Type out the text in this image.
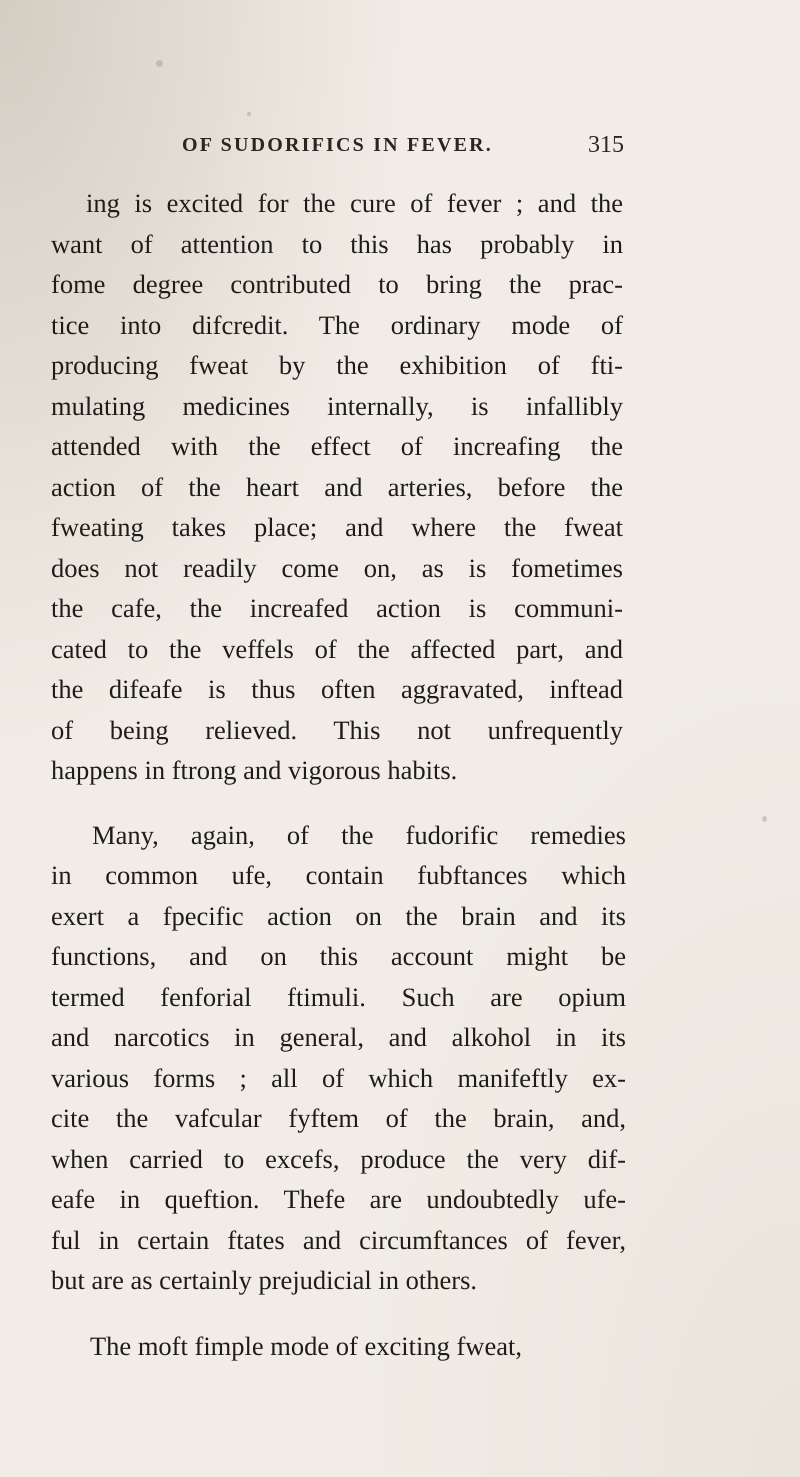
OF SUDORIFICS IN FEVER.	315
ing is excited for the cure of fever ; and the
want of attention to this has probably in
fome degree contributed to bring the prac-
tice into difcredit. The ordinary mode of
producing fweat by the exhibition of fti-
mulating medicines internally, is infallibly
attended with the effect of increafing the
action of the heart and arteries, before the
fweating takes place; and where the fweat
does not readily come on, as is fometimes
the cafe, the increafed action is communi-
cated to the veffels of the affected part, and
the difeafe is thus often aggravated, inftead
of being relieved. This not unfrequently
happens in ftrong and vigorous habits.
Many, again, of the fudorific remedies
in common ufe, contain fubftances which
exert a fpecific action on the brain and its
functions, and on this account might be
termed fenforial ftimuli. Such are opium
and narcotics in general, and alkohol in its
various forms ; all of which manifeftly ex-
cite the vafcular fyftem of the brain, and,
when carried to excefs, produce the very dif-
eafe in queftion. Thefe are undoubtedly ufe-
ful in certain ftates and circumftances of fever,
but are as certainly prejudicial in others.
The moft fimple mode of exciting fweat,
